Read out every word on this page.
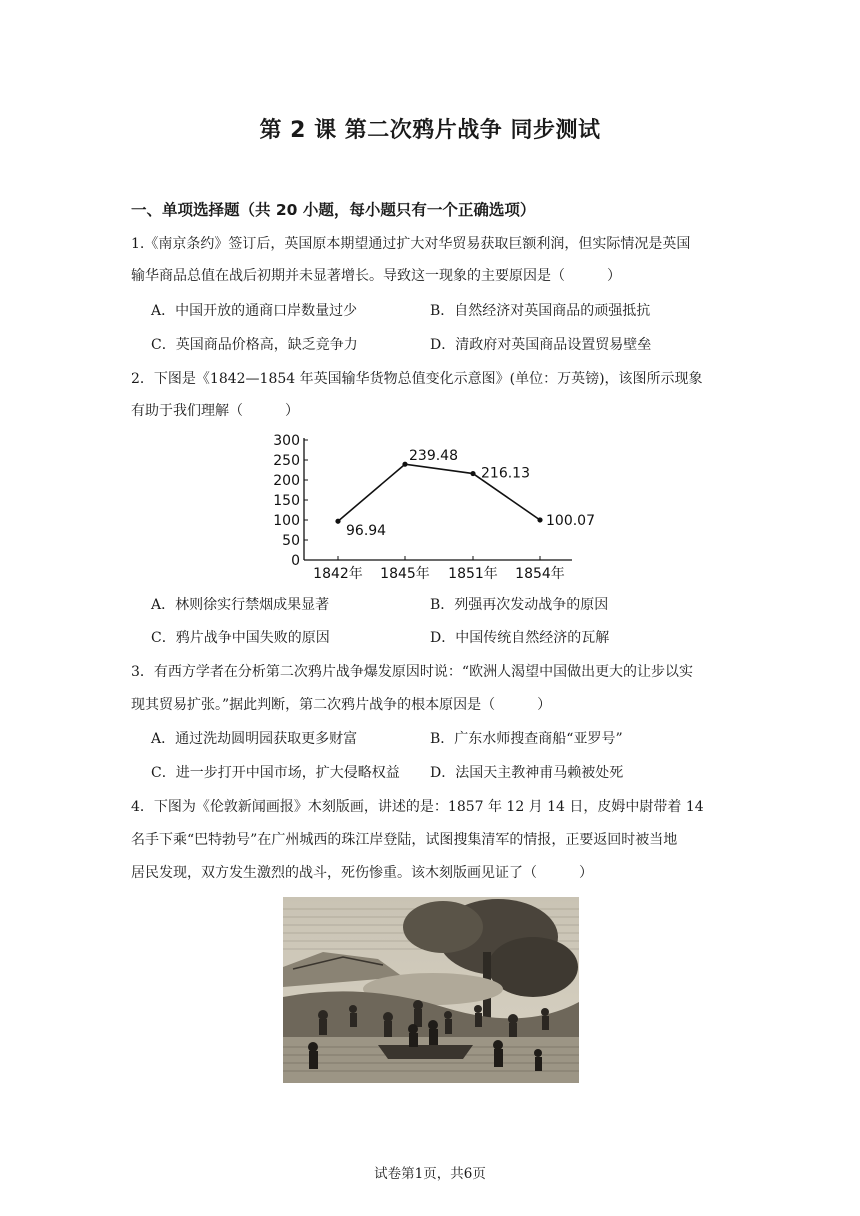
第 2 课 第二次鸦片战争 同步测试
一、单项选择题（共 20 小题，每小题只有一个正确选项）
1.《南京条约》签订后，英国原本期望通过扩大对华贸易获取巨额利润，但实际情况是英国
输华商品总值在战后初期并未显著增长。导致这一现象的主要原因是（　　　）
A．中国开放的通商口岸数量过少	B．自然经济对英国商品的顽强抵抗
C．英国商品价格高，缺乏竞争力	D．清政府对英国商品设置贸易壁垒
2．下图是《1842—1854 年英国输华货物总值变化示意图》(单位：万英镑)，该图所示现象
有助于我们理解（　　　）
300
250
200
150
100
50
0
1842年 1845年 1851年 1854年
96.94
239.48
216.13
100.07
A．林则徐实行禁烟成果显著	B．列强再次发动战争的原因
C．鸦片战争中国失败的原因	D．中国传统自然经济的瓦解
3．有西方学者在分析第二次鸦片战争爆发原因时说：“欧洲人渴望中国做出更大的让步以实
现其贸易扩张。”据此判断，第二次鸦片战争的根本原因是（　　　）
A．通过洗劫圆明园获取更多财富	B．广东水师搜查商船“亚罗号”
C．进一步打开中国市场，扩大侵略权益 D．法国天主教神甫马赖被处死
4．下图为《伦敦新闻画报》木刻版画，讲述的是：1857 年 12 月 14 日，皮姆中尉带着 14
名手下乘“巴特勃号”在广州城西的珠江岸登陆，试图搜集清军的情报，正要返回时被当地
居民发现，双方发生激烈的战斗，死伤惨重。该木刻版画见证了（　　　）
试卷第1页，共6页
